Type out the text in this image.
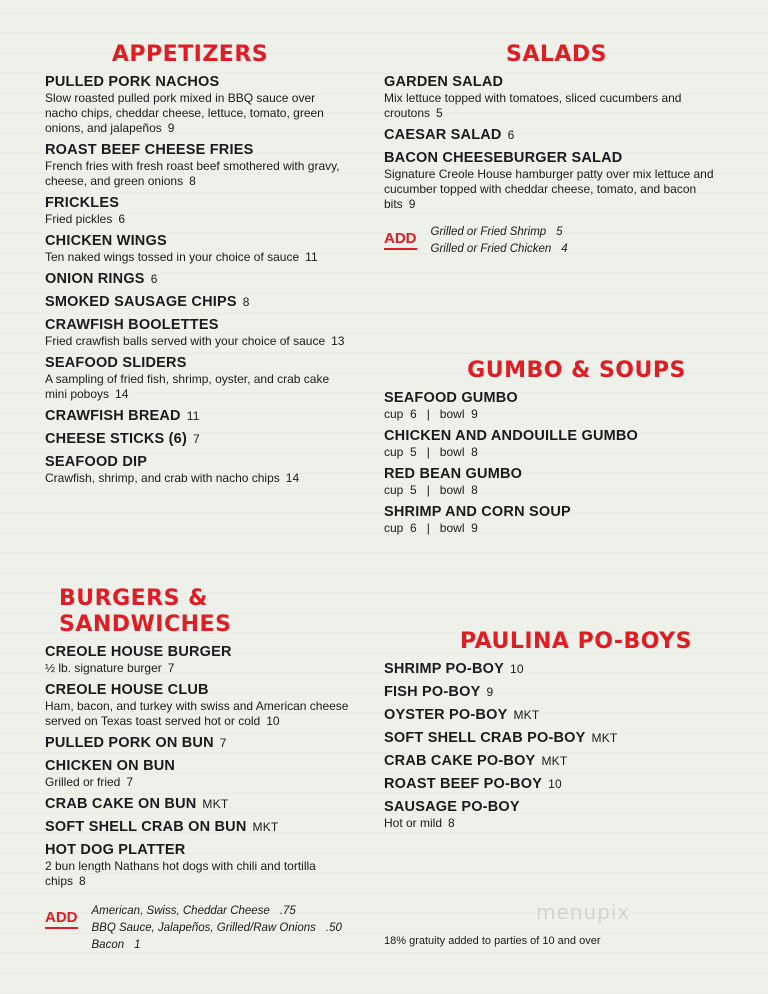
APPETIZERS
PULLED PORK NACHOS
Slow roasted pulled pork mixed in BBQ sauce over nacho chips, cheddar cheese, lettuce, tomato, green onions, and jalapeños 9
ROAST BEEF CHEESE FRIES
French fries with fresh roast beef smothered with gravy, cheese, and green onions 8
FRICKLES
Fried pickles 6
CHICKEN WINGS
Ten naked wings tossed in your choice of sauce 11
ONION RINGS 6
SMOKED SAUSAGE CHIPS 8
CRAWFISH BOOLETTES
Fried crawfish balls served with your choice of sauce 13
SEAFOOD SLIDERS
A sampling of fried fish, shrimp, oyster, and crab cake mini poboys 14
CRAWFISH BREAD 11
CHEESE STICKS (6) 7
SEAFOOD DIP
Crawfish, shrimp, and crab with nacho chips 14
BURGERS & SANDWICHES
CREOLE HOUSE BURGER
½ lb. signature burger 7
CREOLE HOUSE CLUB
Ham, bacon, and turkey with swiss and American cheese served on Texas toast served hot or cold 10
PULLED PORK ON BUN 7
CHICKEN ON BUN
Grilled or fried 7
CRAB CAKE ON BUN MKT
SOFT SHELL CRAB ON BUN MKT
HOT DOG PLATTER
2 bun length Nathans hot dogs with chili and tortilla chips 8
ADD American, Swiss, Cheddar Cheese .75
BBQ Sauce, Jalapeños, Grilled/Raw Onions .50
Bacon 1
SALADS
GARDEN SALAD
Mix lettuce topped with tomatoes, sliced cucumbers and croutons 5
CAESAR SALAD 6
BACON CHEESEBURGER SALAD
Signature Creole House hamburger patty over mix lettuce and cucumber topped with cheddar cheese, tomato, and bacon bits 9
ADD Grilled or Fried Shrimp 5
Grilled or Fried Chicken 4
GUMBO & SOUPS
SEAFOOD GUMBO
cup  6   |   bowl  9
CHICKEN AND ANDOUILLE GUMBO
cup  5   |   bowl  8
RED BEAN GUMBO
cup  5   |   bowl  8
SHRIMP AND CORN SOUP
cup  6   |   bowl  9
PAULINA PO-BOYS
SHRIMP PO-BOY 10
FISH PO-BOY 9
OYSTER PO-BOY MKT
SOFT SHELL CRAB PO-BOY MKT
CRAB CAKE PO-BOY MKT
ROAST BEEF PO-BOY 10
SAUSAGE PO-BOY
Hot or mild 8
menupix
18% gratuity added to parties of 10 and over
